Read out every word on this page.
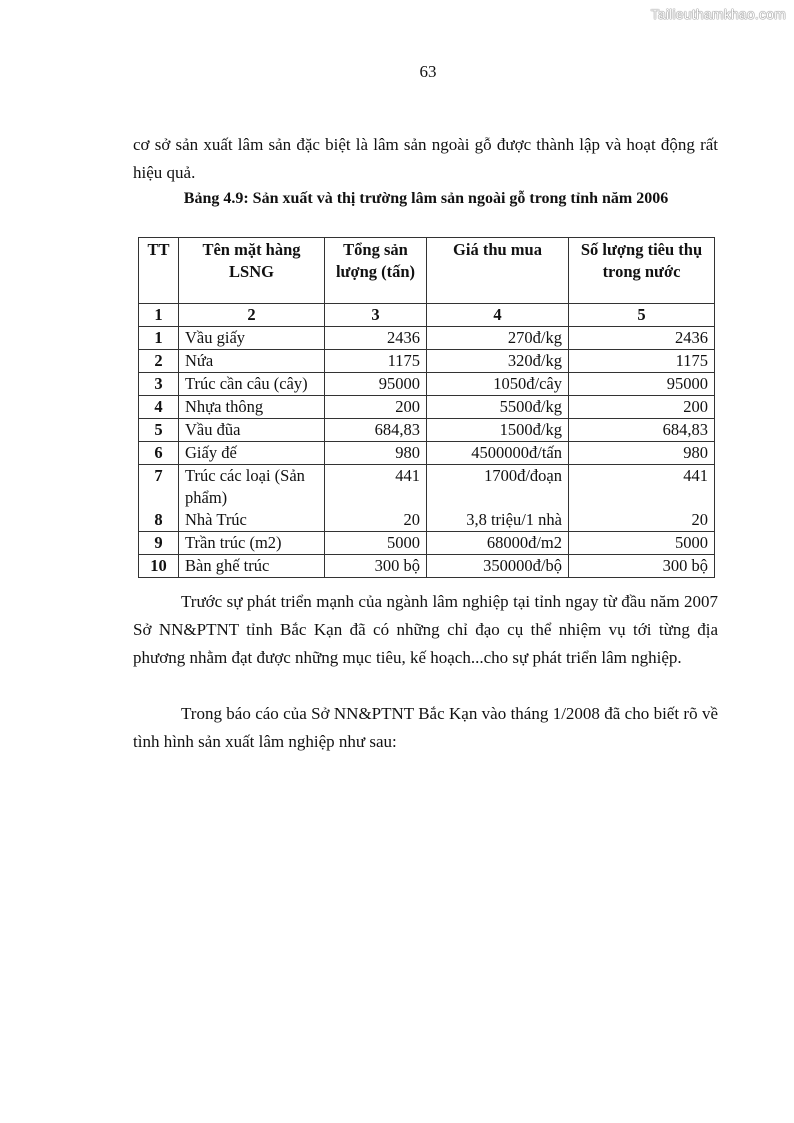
Tailieuthamkhao.com
63

cơ sở sản xuất lâm sản đặc biệt là lâm sản ngoài gỗ được thành lập và hoạt động rất hiệu quả.

Bảng 4.9: Sản xuất và thị trường lâm sản ngoài gỗ trong tỉnh năm 2006
TT	Tên mặt hàng LSNG	Tổng sản lượng (tấn)	Giá thu mua	Số lượng tiêu thụ trong nước
1	2	3	4	5
1	Vầu giấy	2436	270đ/kg	2436
2	Nứa	1175	320đ/kg	1175
3	Trúc cần câu (cây)	95000	1050đ/cây	95000
4	Nhựa thông	200	5500đ/kg	200
5	Vầu đũa	684,83	1500đ/kg	684,83
6	Giấy đế	980	4500000đ/tấn	980
7	Trúc các loại (Sản phẩm)	441	1700đ/đoạn	441
8	Nhà Trúc	20	3,8 triệu/1 nhà	20
9	Trần trúc (m2)	5000	68000đ/m2	5000
10	Bàn ghế trúc	300 bộ	350000đ/bộ	300 bộ

Trước sự phát triển mạnh của ngành lâm nghiệp tại tỉnh ngay từ đầu năm 2007 Sở NN&PTNT tỉnh Bắc Kạn đã có những chỉ đạo cụ thể nhiệm vụ tới từng địa phương nhằm đạt được những mục tiêu, kế hoạch...cho sự phát triển lâm nghiệp.

Trong báo cáo của Sở NN&PTNT Bắc Kạn vào tháng 1/2008 đã cho biết rõ về tình hình sản xuất lâm nghiệp như sau:
